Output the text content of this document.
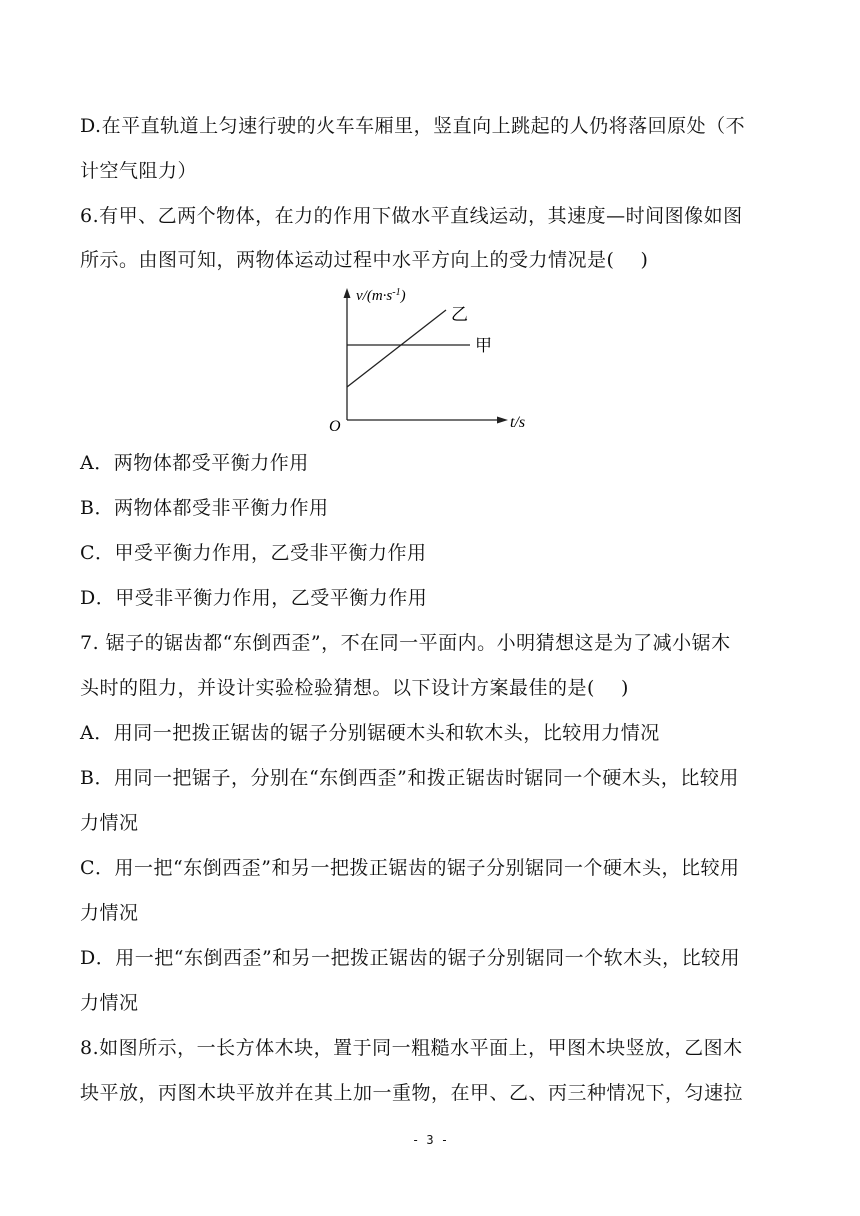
D.在平直轨道上匀速行驶的火车车厢里，竖直向上跳起的人仍将落回原处（不
计空气阻力）
6.有甲、乙两个物体，在力的作用下做水平直线运动，其速度—时间图像如图
所示。由图可知，两物体运动过程中水平方向上的受力情况是(　 )
$v/(m\cdot s^{-1})$
乙
甲
O	t/s
A．两物体都受平衡力作用
B．两物体都受非平衡力作用
C．甲受平衡力作用，乙受非平衡力作用
D．甲受非平衡力作用，乙受平衡力作用
7. 锯子的锯齿都“东倒西歪”，不在同一平面内。小明猜想这是为了减小锯木
头时的阻力，并设计实验检验猜想。以下设计方案最佳的是(　 )
A．用同一把拨正锯齿的锯子分别锯硬木头和软木头，比较用力情况
B．用同一把锯子，分别在“东倒西歪”和拨正锯齿时锯同一个硬木头，比较用
力情况
C．用一把“东倒西歪”和另一把拨正锯齿的锯子分别锯同一个硬木头，比较用
力情况
D．用一把“东倒西歪”和另一把拨正锯齿的锯子分别锯同一个软木头，比较用
力情况
8.如图所示，一长方体木块，置于同一粗糙水平面上，甲图木块竖放，乙图木
块平放，丙图木块平放并在其上加一重物，在甲、乙、丙三种情况下，匀速拉
- 3 -
